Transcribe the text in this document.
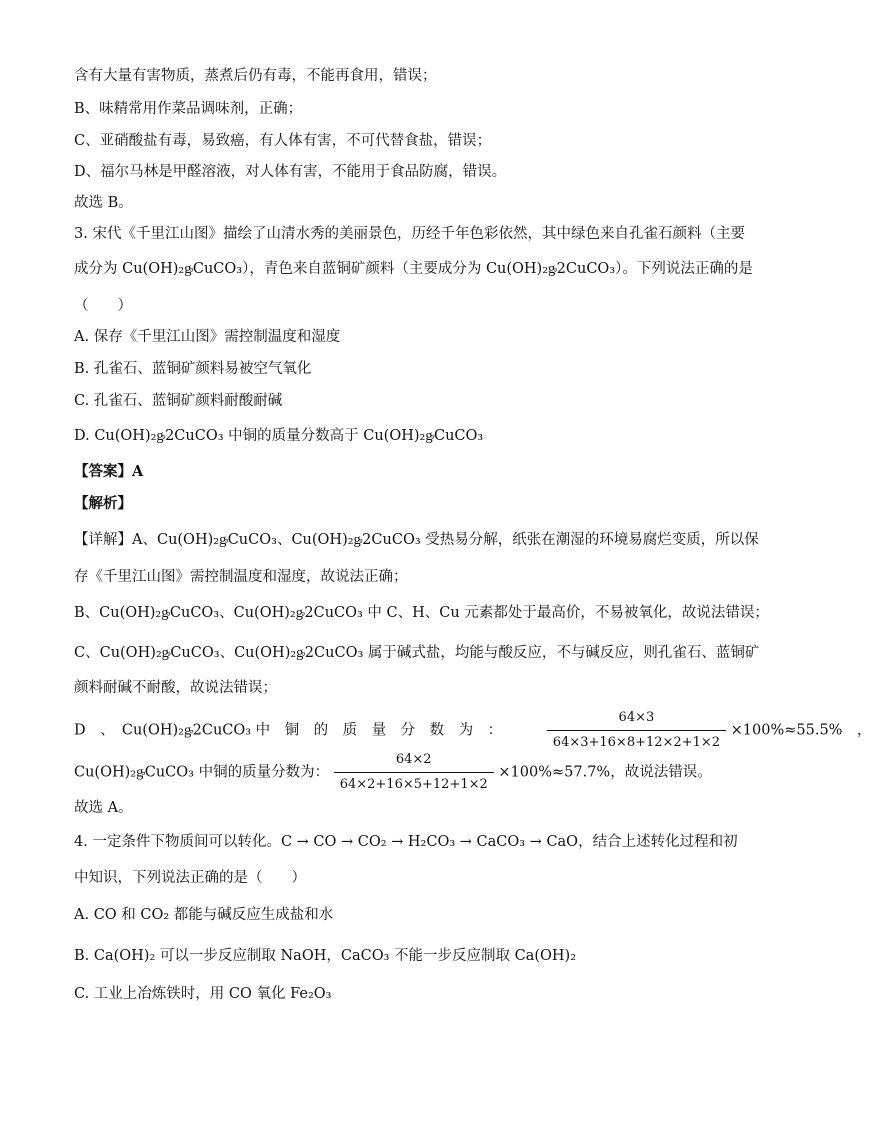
含有大量有害物质，蒸煮后仍有毒，不能再食用，错误；
B、味精常用作菜品调味剂，正确；
C、亚硝酸盐有毒，易致癌，有人体有害，不可代替食盐，错误；
D、福尔马林是甲醛溶液，对人体有害，不能用于食品防腐，错误。
故选 B。
3. 宋代《千里江山图》描绘了山清水秀的美丽景色，历经千年色彩依然，其中绿色来自孔雀石颜料（主要
成分为 Cu(OH)₂ᶃCuCO₃），青色来自蓝铜矿颜料（主要成分为 Cu(OH)₂ᶃ2CuCO₃）。下列说法正确的是
（　　）
A. 保存《千里江山图》需控制温度和湿度
B. 孔雀石、蓝铜矿颜料易被空气氧化
C. 孔雀石、蓝铜矿颜料耐酸耐碱
D. Cu(OH)₂ᶃ2CuCO₃ 中铜的质量分数高于 Cu(OH)₂ᶃCuCO₃
【答案】A
【解析】
【详解】A、Cu(OH)₂ᶃCuCO₃、Cu(OH)₂ᶃ2CuCO₃ 受热易分解，纸张在潮湿的环境易腐烂变质，所以保
存《千里江山图》需控制温度和湿度，故说法正确；
B、Cu(OH)₂ᶃCuCO₃、Cu(OH)₂ᶃ2CuCO₃ 中 C、H、Cu 元素都处于最高价，不易被氧化，故说法错误；
C、Cu(OH)₂ᶃCuCO₃、Cu(OH)₂ᶃ2CuCO₃ 属于碱式盐，均能与酸反应，不与碱反应，则孔雀石、蓝铜矿
颜料耐碱不耐酸，故说法错误；
D　、　Cu(OH)₂ᶃ2CuCO₃ 中　铜　的　质　量　分　数　为　：	$\frac{64\times 3}{64\times 3+16\times 8+12\times 2+1\times 2} \times 100\%\approx 55.5\%$　，
Cu(OH)₂ᶃCuCO₃ 中铜的质量分数为： $\frac{64\times 2}{64\times 2+16\times 5+12+1\times 2} \times 100\%\approx 57.7\%$，故说法错误。
故选 A。
4. 一定条件下物质间可以转化。C → CO → CO₂ → H₂CO₃ → CaCO₃ → CaO，结合上述转化过程和初
中知识，下列说法正确的是（　　）
A. CO 和 CO₂ 都能与碱反应生成盐和水
B. Ca(OH)₂ 可以一步反应制取 NaOH，CaCO₃ 不能一步反应制取 Ca(OH)₂
C. 工业上冶炼铁时，用 CO 氧化 Fe₂O₃
